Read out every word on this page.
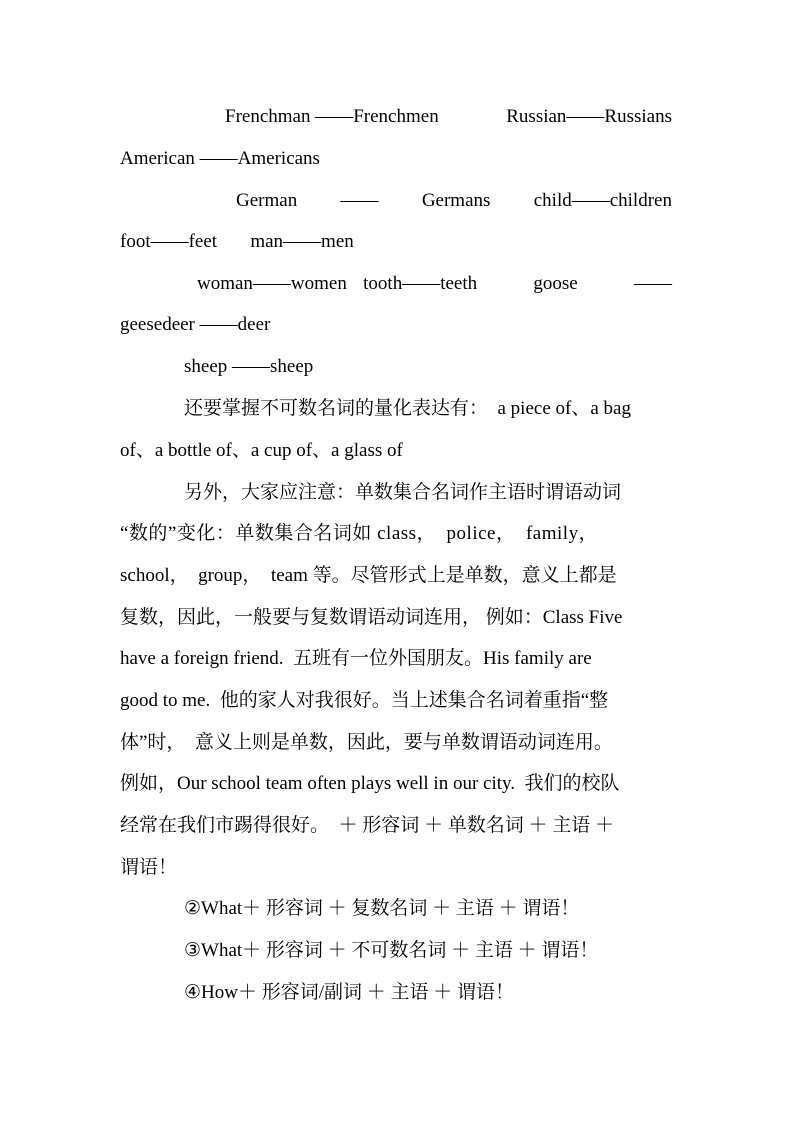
Frenchman ——Frenchmen	Russian——Russians
American ——Americans
German —— Germans child——children
foot——feet       man——men
woman——women tooth——teeth	goose	——
geesedeer ——deer
sheep ——sheep
还要掌握不可数名词的量化表达有：  a piece of、a bag
of、a bottle of、a cup of、a glass of
另外，大家应注意：单数集合名词作主语时谓语动词
“数的”变化：单数集合名词如 class，  police，  family，
school，  group，  team 等。尽管形式上是单数，意义上都是
复数，因此，一般要与复数谓语动词连用， 例如：Class Five
have a foreign friend.  五班有一位外国朋友。His family are
good to me.  他的家人对我很好。当上述集合名词着重指“整
体”时，  意义上则是单数，因此，要与单数谓语动词连用。
例如，Our school team often plays well in our city.  我们的校队
经常在我们市踢得很好。  ＋ 形容词 ＋ 单数名词 ＋ 主语 ＋
谓语！
②What＋ 形容词 ＋ 复数名词 ＋ 主语 ＋ 谓语！
③What＋ 形容词 ＋ 不可数名词 ＋ 主语 ＋ 谓语！
④How＋ 形容词/副词 ＋ 主语 ＋ 谓语！
